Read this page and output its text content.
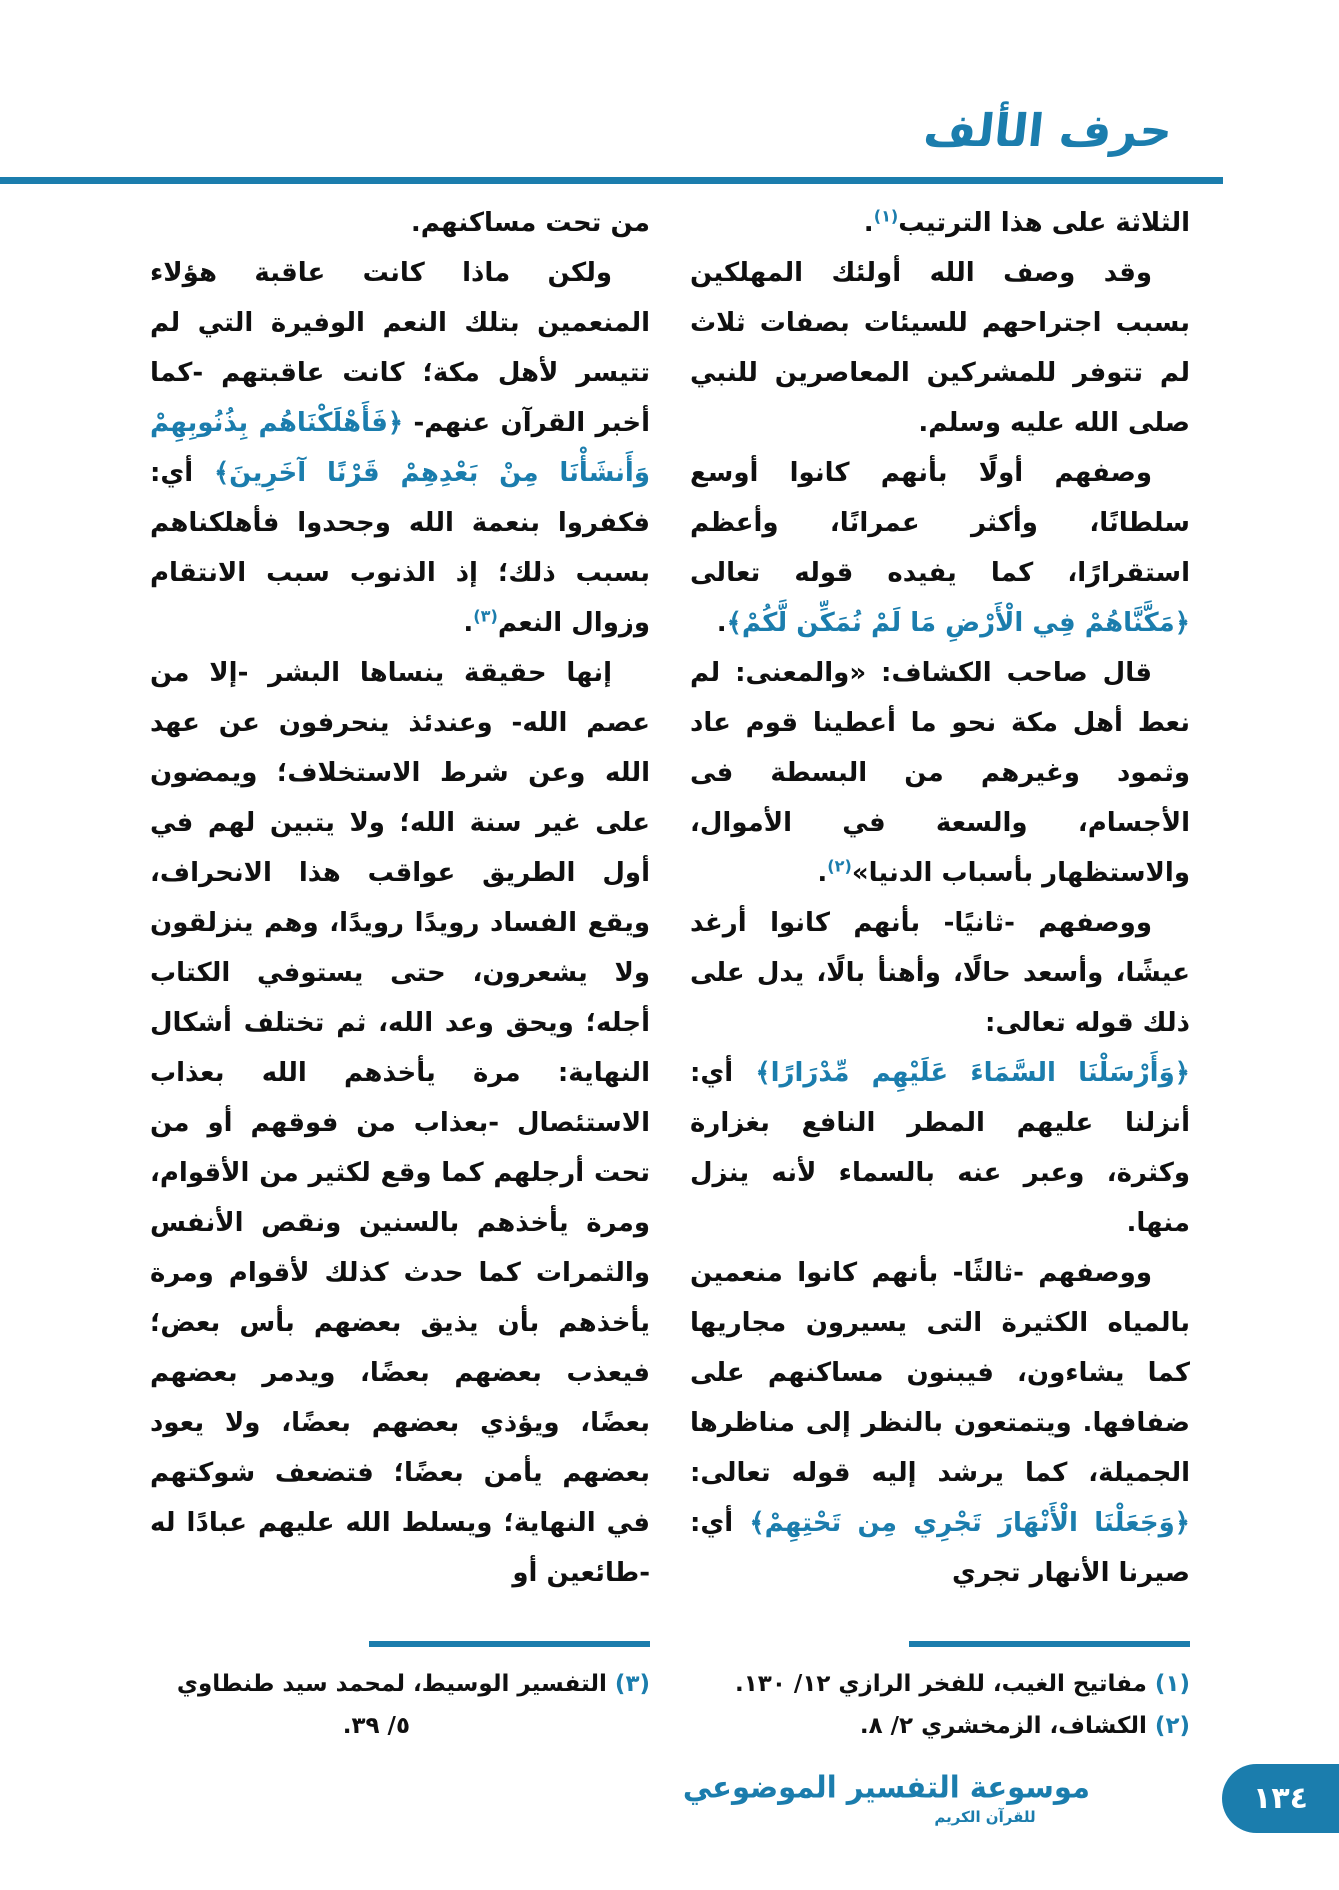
حرف الألف
الثلاثة على هذا الترتيب$^{(١)}$.
وقد وصف الله أولئك المهلكين بسبب اجتراحهم للسيئات بصفات ثلاث لم تتوفر للمشركين المعاصرين للنبي صلى الله عليه وسلم.
وصفهم أولًا بأنهم كانوا أوسع سلطانًا، وأكثر عمرانًا، وأعظم استقرارًا، كما يفيده قوله تعالى ﴿مَكَّنَّاهُمْ فِي الْأَرْضِ مَا لَمْ نُمَكِّن لَّكُمْ﴾.
قال صاحب الكشاف: «والمعنى: لم نعط أهل مكة نحو ما أعطينا قوم عاد وثمود وغيرهم من البسطة فى الأجسام، والسعة في الأموال، والاستظهار بأسباب الدنيا»$^{(٢)}$.
ووصفهم -ثانيًا- بأنهم كانوا أرغد عيشًا، وأسعد حالًا، وأهنأ بالًا، يدل على ذلك قوله تعالى:
﴿وَأَرْسَلْنَا السَّمَاءَ عَلَيْهِم مِّدْرَارًا﴾ أي: أنزلنا عليهم المطر النافع بغزارة وكثرة، وعبر عنه بالسماء لأنه ينزل منها.
ووصفهم -ثالثًا- بأنهم كانوا منعمين بالمياه الكثيرة التى يسيرون مجاريها كما يشاءون، فيبنون مساكنهم على ضفافها. ويتمتعون بالنظر إلى مناظرها الجميلة، كما يرشد إليه قوله تعالى: ﴿وَجَعَلْنَا الْأَنْهَارَ تَجْرِي مِن تَحْتِهِمْ﴾ أي: صيرنا الأنهار تجري
من تحت مساكنهم.
ولكن ماذا كانت عاقبة هؤلاء المنعمين بتلك النعم الوفيرة التي لم تتيسر لأهل مكة؛ كانت عاقبتهم -كما أخبر القرآن عنهم- ﴿فَأَهْلَكْنَاهُم بِذُنُوبِهِمْ وَأَنشَأْنَا مِنْ بَعْدِهِمْ قَرْنًا آخَرِينَ﴾ أي: فكفروا بنعمة الله وجحدوا فأهلكناهم بسبب ذلك؛ إذ الذنوب سبب الانتقام وزوال النعم$^{(٣)}$.
إنها حقيقة ينساها البشر -إلا من عصم الله- وعندئذ ينحرفون عن عهد الله وعن شرط الاستخلاف؛ ويمضون على غير سنة الله؛ ولا يتبين لهم في أول الطريق عواقب هذا الانحراف، ويقع الفساد رويدًا رويدًا، وهم ينزلقون ولا يشعرون، حتى يستوفي الكتاب أجله؛ ويحق وعد الله، ثم تختلف أشكال النهاية: مرة يأخذهم الله بعذاب الاستئصال -بعذاب من فوقهم أو من تحت أرجلهم كما وقع لكثير من الأقوام، ومرة يأخذهم بالسنين ونقص الأنفس والثمرات كما حدث كذلك لأقوام ومرة يأخذهم بأن يذيق بعضهم بأس بعض؛ فيعذب بعضهم بعضًا، ويدمر بعضهم بعضًا، ويؤذي بعضهم بعضًا، ولا يعود بعضهم يأمن بعضًا؛ فتضعف شوكتهم في النهاية؛ ويسلط الله عليهم عبادًا له -طائعين أو
(١)مفاتيح الغيب، للفخر الرازي ١٢/ ١٣٠.
(٢)الكشاف، الزمخشري ٢/ ٨.
(٣)التفسير الوسيط، لمحمد سيد طنطاوي
٥/ ٣٩.
موسوعة التفسير الموضوعي
للقرآن الكريم
١٣٤
